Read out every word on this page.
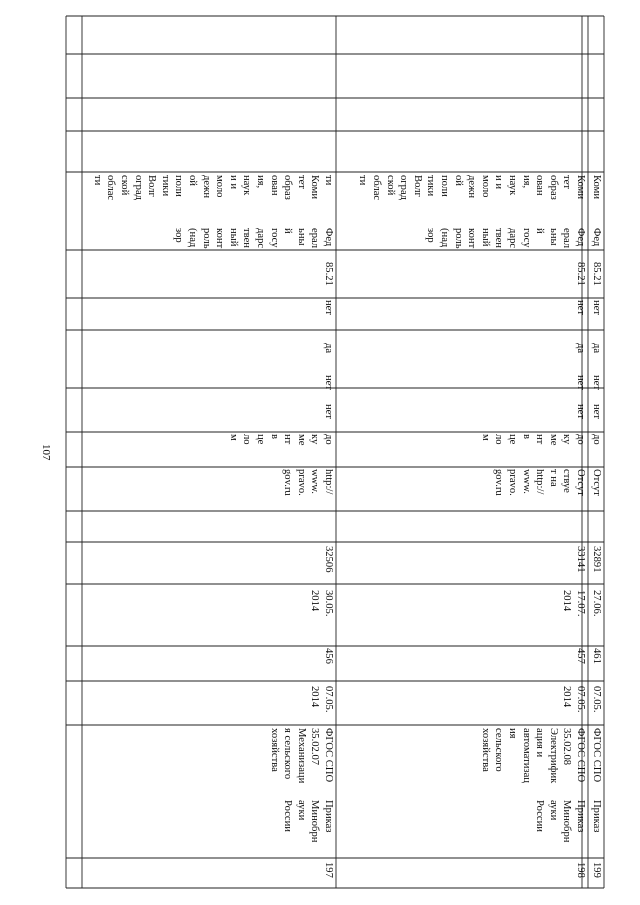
107
197
Приказ
Минобрн
ауки
России
ФГОС СПО
35.02.07
Механизаци
я сельского
хозяйства
07.05.
2014
456
30.05.
2014
32506
http://
www.
pravo.
gov.ru
до
ку
ме
нт
в
це
ло
м
нет
нет
да
нет
85.21
Фед
ерал
ьны
й
госу
дарс
твен
ный
конт
роль
(над
зор
ти
Коми
тет
образ
ован
ия,
наук
и и
моло
дежн
ой
поли
тики
Волг
оград
ской
облас
ти
198
Приказ
Минобрн
ауки
России
ФГОС СПО
35.02.08
Электрифик
ация и
автоматизац
ия
сельского
хозяйства
07.05.
2014
457
17.07.
2014
33141
Отсут
ствуе
т на
http://
www.
pravo.
gov.ru
до
ку
ме
нт
в
це
ло
м
нет
нет
да
нет
85.21
Фед
ерал
ьны
й
госу
дарс
твен
ный
конт
роль
(над
зор
Коми
тет
образ
ован
ия,
наук
и и
моло
дежн
ой
поли
тики
Волг
оград
ской
облас
ти
199
Приказ
ФГОС СПО
07.05.
461
27.06.
32891
Отсут
до
нет
нет
да
нет
85.21
Фед
Коми
